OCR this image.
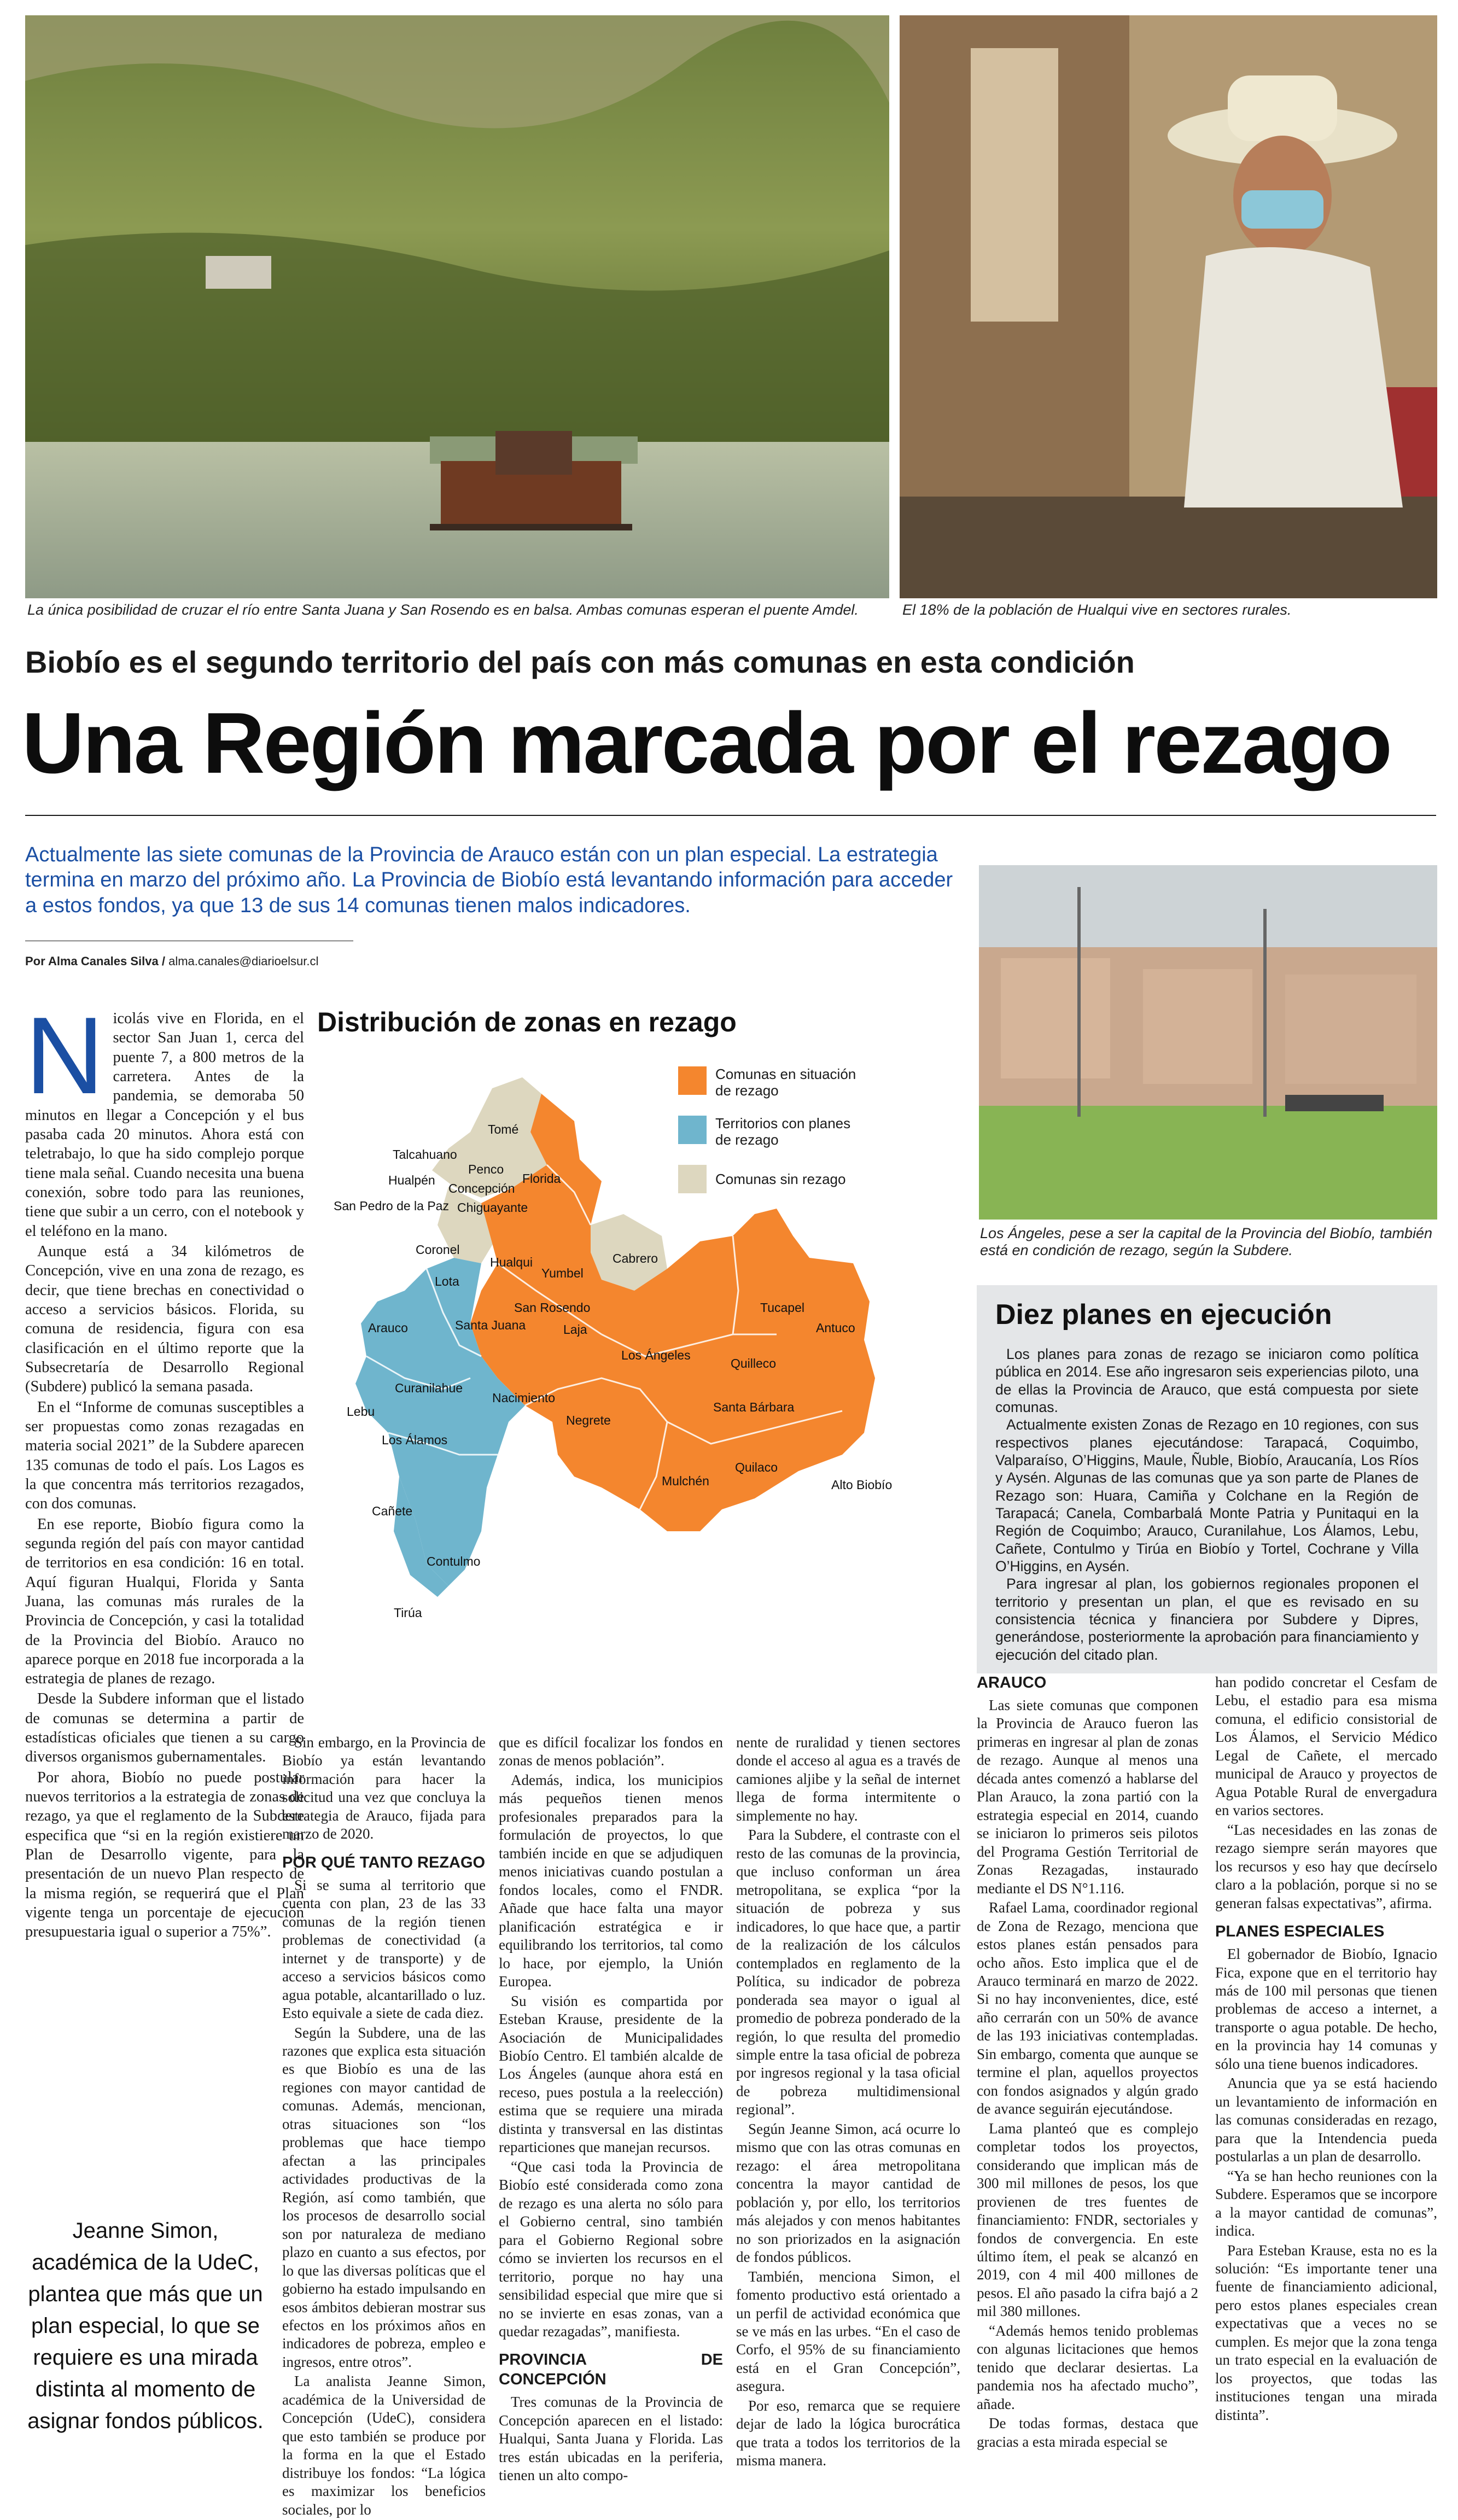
La única posibilidad de cruzar el río entre Santa Juana y San Rosendo es en balsa. Ambas comunas esperan el puente Amdel.	El 18% de la población de Hualqui vive en sectores rurales.
Biobío es el segundo territorio del país con más comunas en esta condición
Una Región marcada por el rezago
Actualmente las siete comunas de la Provincia de Arauco están con un plan especial. La estrategia termina en marzo del próximo año. La Provincia de Biobío está levantando información para acceder a estos fondos, ya que 13 de sus 14 comunas tienen malos indicadores.
Por Alma Canales Silva / alma.canales@diarioelsur.cl
Los Ángeles, pese a ser la capital de la Provincia del Biobío, también está en condición de rezago, según la Subdere.
Diez planes en ejecución

Los planes para zonas de rezago se iniciaron como política pública en 2014. Ese año ingresaron seis experiencias piloto, una de ellas la Provincia de Arauco, que está compuesta por siete comunas.

Actualmente existen Zonas de Rezago en 10 regiones, con sus respectivos planes ejecutándose: Tarapacá, Coquimbo, Valparaíso, O’Higgins, Maule, Ñuble, Biobío, Araucanía, Los Ríos y Aysén. Algunas de las comunas que ya son parte de Planes de Rezago son: Huara, Camiña y Colchane en la Región de Tarapacá; Canela, Combarbalá Monte Patria y Punitaqui en la Región de Coquimbo; Arauco, Curanilahue, Los Álamos, Lebu, Cañete, Contulmo y Tirúa en Biobío y Tortel, Cochrane y Villa O’Higgins, en Aysén.

Para ingresar al plan, los gobiernos regionales proponen el territorio y presentan un plan, el que es revisado en su consistencia técnica y financiera por Subdere y Dipres, generándose, posteriormente la aprobación para financiamiento y ejecución del citado plan.

Distribución de zonas en rezago
Comunas en situación de rezago
Territorios con planes de rezago
Comunas sin rezago
Tomé
Talcahuano
Penco
Hualpén	Florida
Concepción
San Pedro de la Paz Chiguayante
Coronel
Hualqui
Yumbel
Cabrero
Lota
San Rosendo
Arauco	Santa Juana	Laja
Tucapel
Antuco
Los Ángeles
Quilleco
Curanilahue
Nacimiento
Lebu	Santa Bárbara
Negrete
Los Álamos
Quilaco
Mulchén	Alto Biobío
Cañete
Contulmo
Tirúa

Nicolás vive en Florida, en el sector San Juan 1, cerca del puente 7, a 800 metros de la carretera. Antes de la pandemia, se demoraba 50 minutos en llegar a Concepción y el bus pasaba cada 20 minutos. Ahora está con teletrabajo, lo que ha sido complejo porque tiene mala señal. Cuando necesita una buena conexión, sobre todo para las reuniones, tiene que subir a un cerro, con el notebook y el teléfono en la mano.

Aunque está a 34 kilómetros de Concepción, vive en una zona de rezago, es decir, que tiene brechas en conectividad o acceso a servicios básicos. Florida, su comuna de residencia, figura con esa clasificación en el último reporte que la Subsecretaría de Desarrollo Regional (Subdere) publicó la semana pasada.

En el “Informe de comunas susceptibles a ser propuestas como zonas rezagadas en materia social 2021” de la Subdere aparecen 135 comunas de todo el país. Los Lagos es la que concentra más territorios rezagados, con dos comunas.

En ese reporte, Biobío figura como la segunda región del país con mayor cantidad de territorios en esa condición: 16 en total. Aquí figuran Hualqui, Florida y Santa Juana, las comunas más rurales de la Provincia de Concepción, y casi la totalidad de la Provincia del Biobío. Arauco no aparece porque en 2018 fue incorporada a la estrategia de planes de rezago.

Desde la Subdere informan que el listado de comunas se determina a partir de estadísticas oficiales que tienen a su cargo diversos organismos gubernamentales.

Por ahora, Biobío no puede postular nuevos territorios a la estrategia de zonas de rezago, ya que el reglamento de la Subdere especifica que “si en la región existiere un Plan de Desarrollo vigente, para la presentación de un nuevo Plan respecto de la misma región, se requerirá que el Plan vigente tenga un porcentaje de ejecución presupuestaria igual o superior a 75%”.

Jeanne Simon, académica de la UdeC, plantea que más que un plan especial, lo que se requiere es una mirada distinta al momento de asignar fondos públicos.

Sin embargo, en la Provincia de Biobío ya están levantando información para hacer la solicitud una vez que concluya la estrategia de Arauco, fijada para marzo de 2020.

POR QUÉ TANTO REZAGO

Si se suma al territorio que cuenta con plan, 23 de las 33 comunas de la región tienen problemas de conectividad (a internet y de transporte) y de acceso a servicios básicos como agua potable, alcantarillado o luz. Esto equivale a siete de cada diez.

Según la Subdere, una de las razones que explica esta situación es que Biobío es una de las regiones con mayor cantidad de comunas. Además, mencionan, otras situaciones son “los problemas que hace tiempo afectan a las principales actividades productivas de la Región, así como también, que los procesos de desarrollo social son por naturaleza de mediano plazo en cuanto a sus efectos, por lo que las diversas políticas que el gobierno ha estado impulsando en esos ámbitos debieran mostrar sus efectos en los próximos años en indicadores de pobreza, empleo e ingresos, entre otros”.

La analista Jeanne Simon, académica de la Universidad de Concepción (UdeC), considera que esto también se produce por la forma en la que el Estado distribuye los fondos: “La lógica es maximizar los beneficios sociales, por lo

que es difícil focalizar los fondos en zonas de menos población”.

Además, indica, los municipios más pequeños tienen menos profesionales preparados para la formulación de proyectos, lo que también incide en que se adjudiquen menos iniciativas cuando postulan a fondos locales, como el FNDR. Añade que hace falta una mayor planificación estratégica e ir equilibrando los territorios, tal como lo hace, por ejemplo, la Unión Europea.

Su visión es compartida por Esteban Krause, presidente de la Asociación de Municipalidades Biobío Centro. El también alcalde de Los Ángeles (aunque ahora está en receso, pues postula a la reelección) estima que se requiere una mirada distinta y transversal en las distintas reparticiones que manejan recursos.

“Que casi toda la Provincia de Biobío esté considerada como zona de rezago es una alerta no sólo para el Gobierno central, sino también para el Gobierno Regional sobre cómo se invierten los recursos en el territorio, porque no hay una sensibilidad especial que mire que si no se invierte en esas zonas, van a quedar rezagadas”, manifiesta.

PROVINCIA DE CONCEPCIÓN

Tres comunas de la Provincia de Concepción aparecen en el listado: Hualqui, Santa Juana y Florida. Las tres están ubicadas en la periferia, tienen un alto compo-

nente de ruralidad y tienen sectores donde el acceso al agua es a través de camiones aljibe y la señal de internet llega de forma intermitente o simplemente no hay.

Para la Subdere, el contraste con el resto de las comunas de la provincia, que incluso conforman un área metropolitana, se explica “por la situación de pobreza y sus indicadores, lo que hace que, a partir de la realización de los cálculos contemplados en reglamento de la Política, su indicador de pobreza ponderada sea mayor o igual al promedio de pobreza ponderado de la región, lo que resulta del promedio simple entre la tasa oficial de pobreza por ingresos regional y la tasa oficial de pobreza multidimensional regional”.

Según Jeanne Simon, acá ocurre lo mismo que con las otras comunas en rezago: el área metropolitana concentra la mayor cantidad de población y, por ello, los territorios más alejados y con menos habitantes no son priorizados en la asignación de fondos públicos.

También, menciona Simon, el fomento productivo está orientado a un perfil de actividad económica que se ve más en las urbes. “En el caso de Corfo, el 95% de su financiamiento está en el Gran Concepción”, asegura.

Por eso, remarca que se requiere dejar de lado la lógica burocrática que trata a todos los territorios de la misma manera.

ARAUCO

Las siete comunas que componen la Provincia de Arauco fueron las primeras en ingresar al plan de zonas de rezago. Aunque al menos una década antes comenzó a hablarse del Plan Arauco, la zona partió con la estrategia especial en 2014, cuando se iniciaron lo primeros seis pilotos del Programa Gestión Territorial de Zonas Rezagadas, instaurado mediante el DS N°1.116.

Rafael Lama, coordinador regional de Zona de Rezago, menciona que estos planes están pensados para ocho años. Esto implica que el de Arauco terminará en marzo de 2022. Si no hay inconvenientes, dice, esté año cerrarán con un 50% de avance de las 193 iniciativas contempladas. Sin embargo, comenta que aunque se termine el plan, aquellos proyectos con fondos asignados y algún grado de avance seguirán ejecutándose.

Lama planteó que es complejo completar todos los proyectos, considerando que implican más de 300 mil millones de pesos, los que provienen de tres fuentes de financiamiento: FNDR, sectoriales y fondos de convergencia. En este último ítem, el peak se alcanzó en 2019, con 4 mil 400 millones de pesos. El año pasado la cifra bajó a 2 mil 380 millones.

“Además hemos tenido problemas con algunas licitaciones que hemos tenido que declarar desiertas. La pandemia nos ha afectado mucho”, añade.

De todas formas, destaca que gracias a esta mirada especial se

han podido concretar el Cesfam de Lebu, el estadio para esa misma comuna, el edificio consistorial de Los Álamos, el Servicio Médico Legal de Cañete, el mercado municipal de Arauco y proyectos de Agua Potable Rural de envergadura en varios sectores.

“Las necesidades en las zonas de rezago siempre serán mayores que los recursos y eso hay que decírselo claro a la población, porque si no se generan falsas expectativas”, afirma.

PLANES ESPECIALES

El gobernador de Biobío, Ignacio Fica, expone que en el territorio hay más de 100 mil personas que tienen problemas de acceso a internet, a transporte o agua potable. De hecho, en la provincia hay 14 comunas y sólo una tiene buenos indicadores.

Anuncia que ya se está haciendo un levantamiento de información en las comunas consideradas en rezago, para que la Intendencia pueda postularlas a un plan de desarrollo.

“Ya se han hecho reuniones con la Subdere. Esperamos que se incorpore a la mayor cantidad de comunas”, indica.

Para Esteban Krause, esta no es la solución: “Es importante tener una fuente de financiamiento adicional, pero estos planes especiales crean expectativas que a veces no se cumplen. Es mejor que la zona tenga un trato especial en la evaluación de los proyectos, que todas las instituciones tengan una mirada distinta”.
